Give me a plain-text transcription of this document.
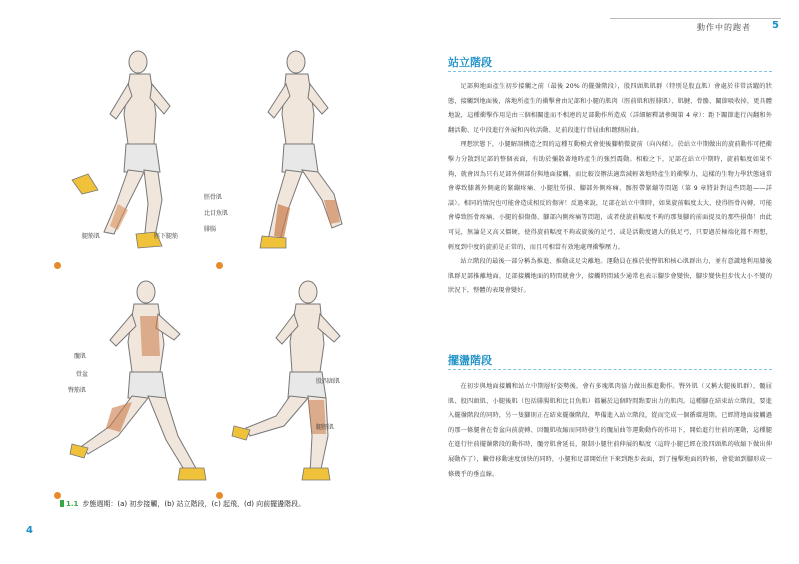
動作中的跑者 5
4
腿筋肌	脛下腿筋
脛骨肌
比目魚肌
腓腸
髖肌
骨盆
臀筋肌
股四頭肌
腿脛肌
1.1 步態週期：(a) 初步接觸，(b) 站立階段，(c) 起飛，(d) 向前擺盪階段。
站立階段

足部與地面產生初步接觸之前（最後 20% 的擺盪階段），股四頭肌肌群（特別是股直肌）會處於非常活躍的狀態，接觸到地面後，落地所產生的衝擊會由足部和小腿的肌肉（脛前肌和脛腓肌）、肌腱、骨骼、關節吸收掉，更具體地說，這種衝擊作用是由三個相關進而不相連的足部動作所造成（詳細解釋請參閱第 4 章）：距下關節進行內翻和外翻活動、足中段進行外展和內收活動、足前段進行背屈曲和蹠側屈曲。

理想狀態下，小腿解剖構造之間的這種互動模式會使後腳稍微旋前（向內傾）。於站立中期做出的旋前動作可把衝擊力分散到足部的整個表面，有助於彌散著地時產生的強烈震動。相較之下，足部在站立中期時，旋前幅度如果不夠，就會因為只有足部外側部份與地面接觸，而比較沒辦法適當減輕著地時產生的衝擊力，這樣的生物力學狀態通常會導致膝蓋外側處的緊繃疼痛、小腿肚勞損、腳部外側疼痛、髂脛帶緊繃等問題（第 9 章將針對這些問題——詳談）。相同的情況也可能會造成相反的傷害！反過來說，足部在站立中期時，如果旋前幅度太大，使得脛骨內轉，可能會導致脛骨疼痛、小腿的損傷傷、腳部內側疼痛等問題，或者使旋前幅度不夠的那隻腳的前面提及的那些損傷！由此可見，無論是又高又僵硬，使得旋前幅度不夠或旋後的足弓，或是活動度過大的低足弓，只要過於極端化都不理想，輕度到中度的旋前是正常的，而且可相當有效地處理衝擊壓力。

站立階段的最後一部分稱為推進、推動或足尖離地。運動員在推於使臀肌和核心肌群出力，並有意識地利用膝後肌群足部推離地面，足部接觸地面的時間就會少，接觸時間減少通常也表示腳步會變快，腳步變快但步伐大小不變的狀況下，整體的表現會變好。

擺盪階段

在初步與地面接觸和站立中期層好姿勢後，會有多塊肌肉協力做出推進動作。臀外肌（又稱大腿後肌群）、髖屈肌、股四頭肌、小腿後肌（包括腓腸肌和比目魚肌）都屬於這個時間點要出力的肌肉。這種腳在結束站立階段，要進入擺盪階段的同時，另一隻腳則正在結束擺盪階段，準備進入站立階段，從而完成一個循環週期。已經將地面接觸過的那一條腿會在骨盆向前旋轉、因髖肌收縮而同時發生的髖屈曲等運動動作的作用下，開始進行往前的運動，這種腿在進行往前擺盪階段的動作時，髖旁肌會延長，限制小腿往前伸展的幅度（這時小腿已經在股四頭肌的收縮下做出伸展動作了），臟骨移動速度加快的同時，小腿和足部開始往下來到跑步表面，到了撞擊地面的時候，會從頭到腳形成一條幾乎的垂直線。
